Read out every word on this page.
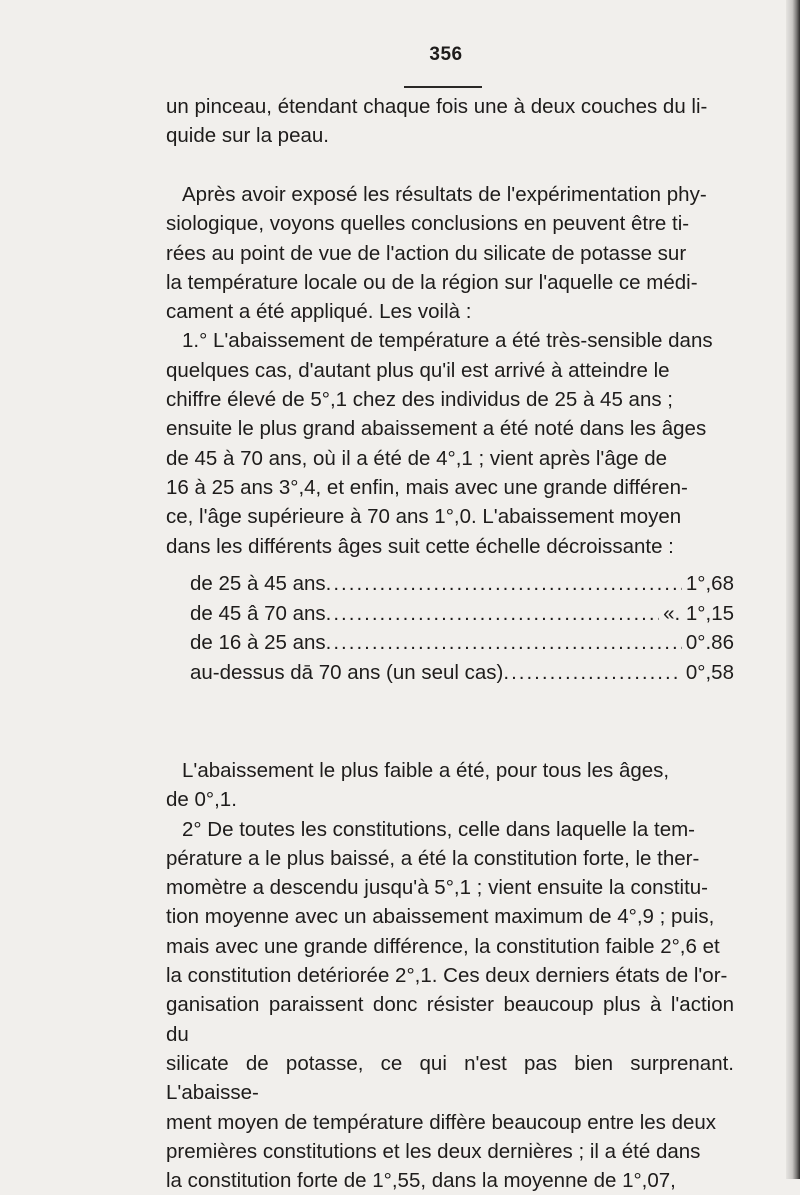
356

un pinceau, étendant chaque fois une à deux couches du li-

quide sur la peau.

Après avoir exposé les résultats de l'expérimentation phy-

siologique, voyons quelles conclusions en peuvent être ti-

rées au point de vue de l'action du silicate de potasse sur

la température locale ou de la région sur l'aquelle ce médi-

cament a été appliqué. Les voilà :

1.° L'abaissement de température a été très-sensible dans

quelques cas, d'autant plus qu'il est arrivé à atteindre le

chiffre élevé de 5°,1 chez des individus de 25 à 45 ans ;

ensuite le plus grand abaissement a été noté dans les âges

de 45 à 70 ans, où il a été de 4°,1 ; vient après l'âge de

16 à 25 ans 3°,4, et enfin, mais avec une grande différen-

ce, l'âge supérieure à 70 ans 1°,0. L'abaissement moyen

dans les différents âges suit cette échelle décroissante :

de 25 à 45 ans .....	1°,68
de 45 â 70 ans .....	«. 1°,15
de 16 à 25 ans .....	0°.86
au-dessus dā 70 ans (un seul cas) .....	0°,58

L'abaissement le plus faible a été, pour tous les âges,

de 0°,1.

2° De toutes les constitutions, celle dans laquelle la tem-

pérature a le plus baissé, a été la constitution forte, le ther-

momètre a descendu jusqu'à 5°,1 ; vient ensuite la constitu-

tion moyenne avec un abaissement maximum de 4°,9 ; puis,

mais avec une grande différence, la constitution faible 2°,6 et

la constitution detériorée 2°,1. Ces deux derniers états de l'or-

ganisation paraissent donc résister beaucoup plus à l'action du

silicate de potasse, ce qui n'est pas bien surprenant. L'abaisse-

ment moyen de température diffère beaucoup entre les deux

premières constitutions et les deux dernières ; il a été dans

la constitution forte de 1°,55, dans la moyenne de 1°,07,
